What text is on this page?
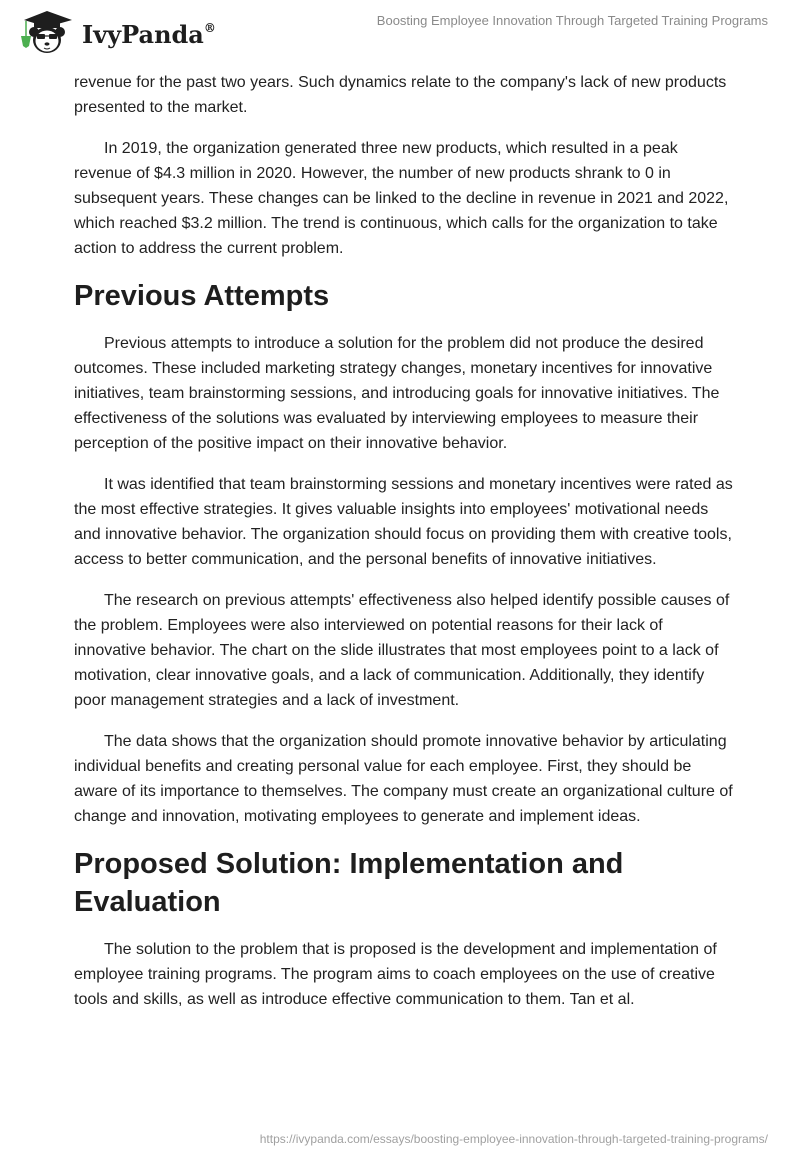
IvyPanda®	Boosting Employee Innovation Through Targeted Training Programs

revenue for the past two years. Such dynamics relate to the company's lack of new products presented to the market.

In 2019, the organization generated three new products, which resulted in a peak revenue of $4.3 million in 2020. However, the number of new products shrank to 0 in subsequent years. These changes can be linked to the decline in revenue in 2021 and 2022, which reached $3.2 million. The trend is continuous, which calls for the organization to take action to address the current problem.

Previous Attempts

Previous attempts to introduce a solution for the problem did not produce the desired outcomes. These included marketing strategy changes, monetary incentives for innovative initiatives, team brainstorming sessions, and introducing goals for innovative initiatives. The effectiveness of the solutions was evaluated by interviewing employees to measure their perception of the positive impact on their innovative behavior.

It was identified that team brainstorming sessions and monetary incentives were rated as the most effective strategies. It gives valuable insights into employees' motivational needs and innovative behavior. The organization should focus on providing them with creative tools, access to better communication, and the personal benefits of innovative initiatives.

The research on previous attempts' effectiveness also helped identify possible causes of the problem. Employees were also interviewed on potential reasons for their lack of innovative behavior. The chart on the slide illustrates that most employees point to a lack of motivation, clear innovative goals, and a lack of communication. Additionally, they identify poor management strategies and a lack of investment.

The data shows that the organization should promote innovative behavior by articulating individual benefits and creating personal value for each employee. First, they should be aware of its importance to themselves. The company must create an organizational culture of change and innovation, motivating employees to generate and implement ideas.

Proposed Solution: Implementation and Evaluation

The solution to the problem that is proposed is the development and implementation of employee training programs. The program aims to coach employees on the use of creative tools and skills, as well as introduce effective communication to them. Tan et al.

https://ivypanda.com/essays/boosting-employee-innovation-through-targeted-training-programs/
